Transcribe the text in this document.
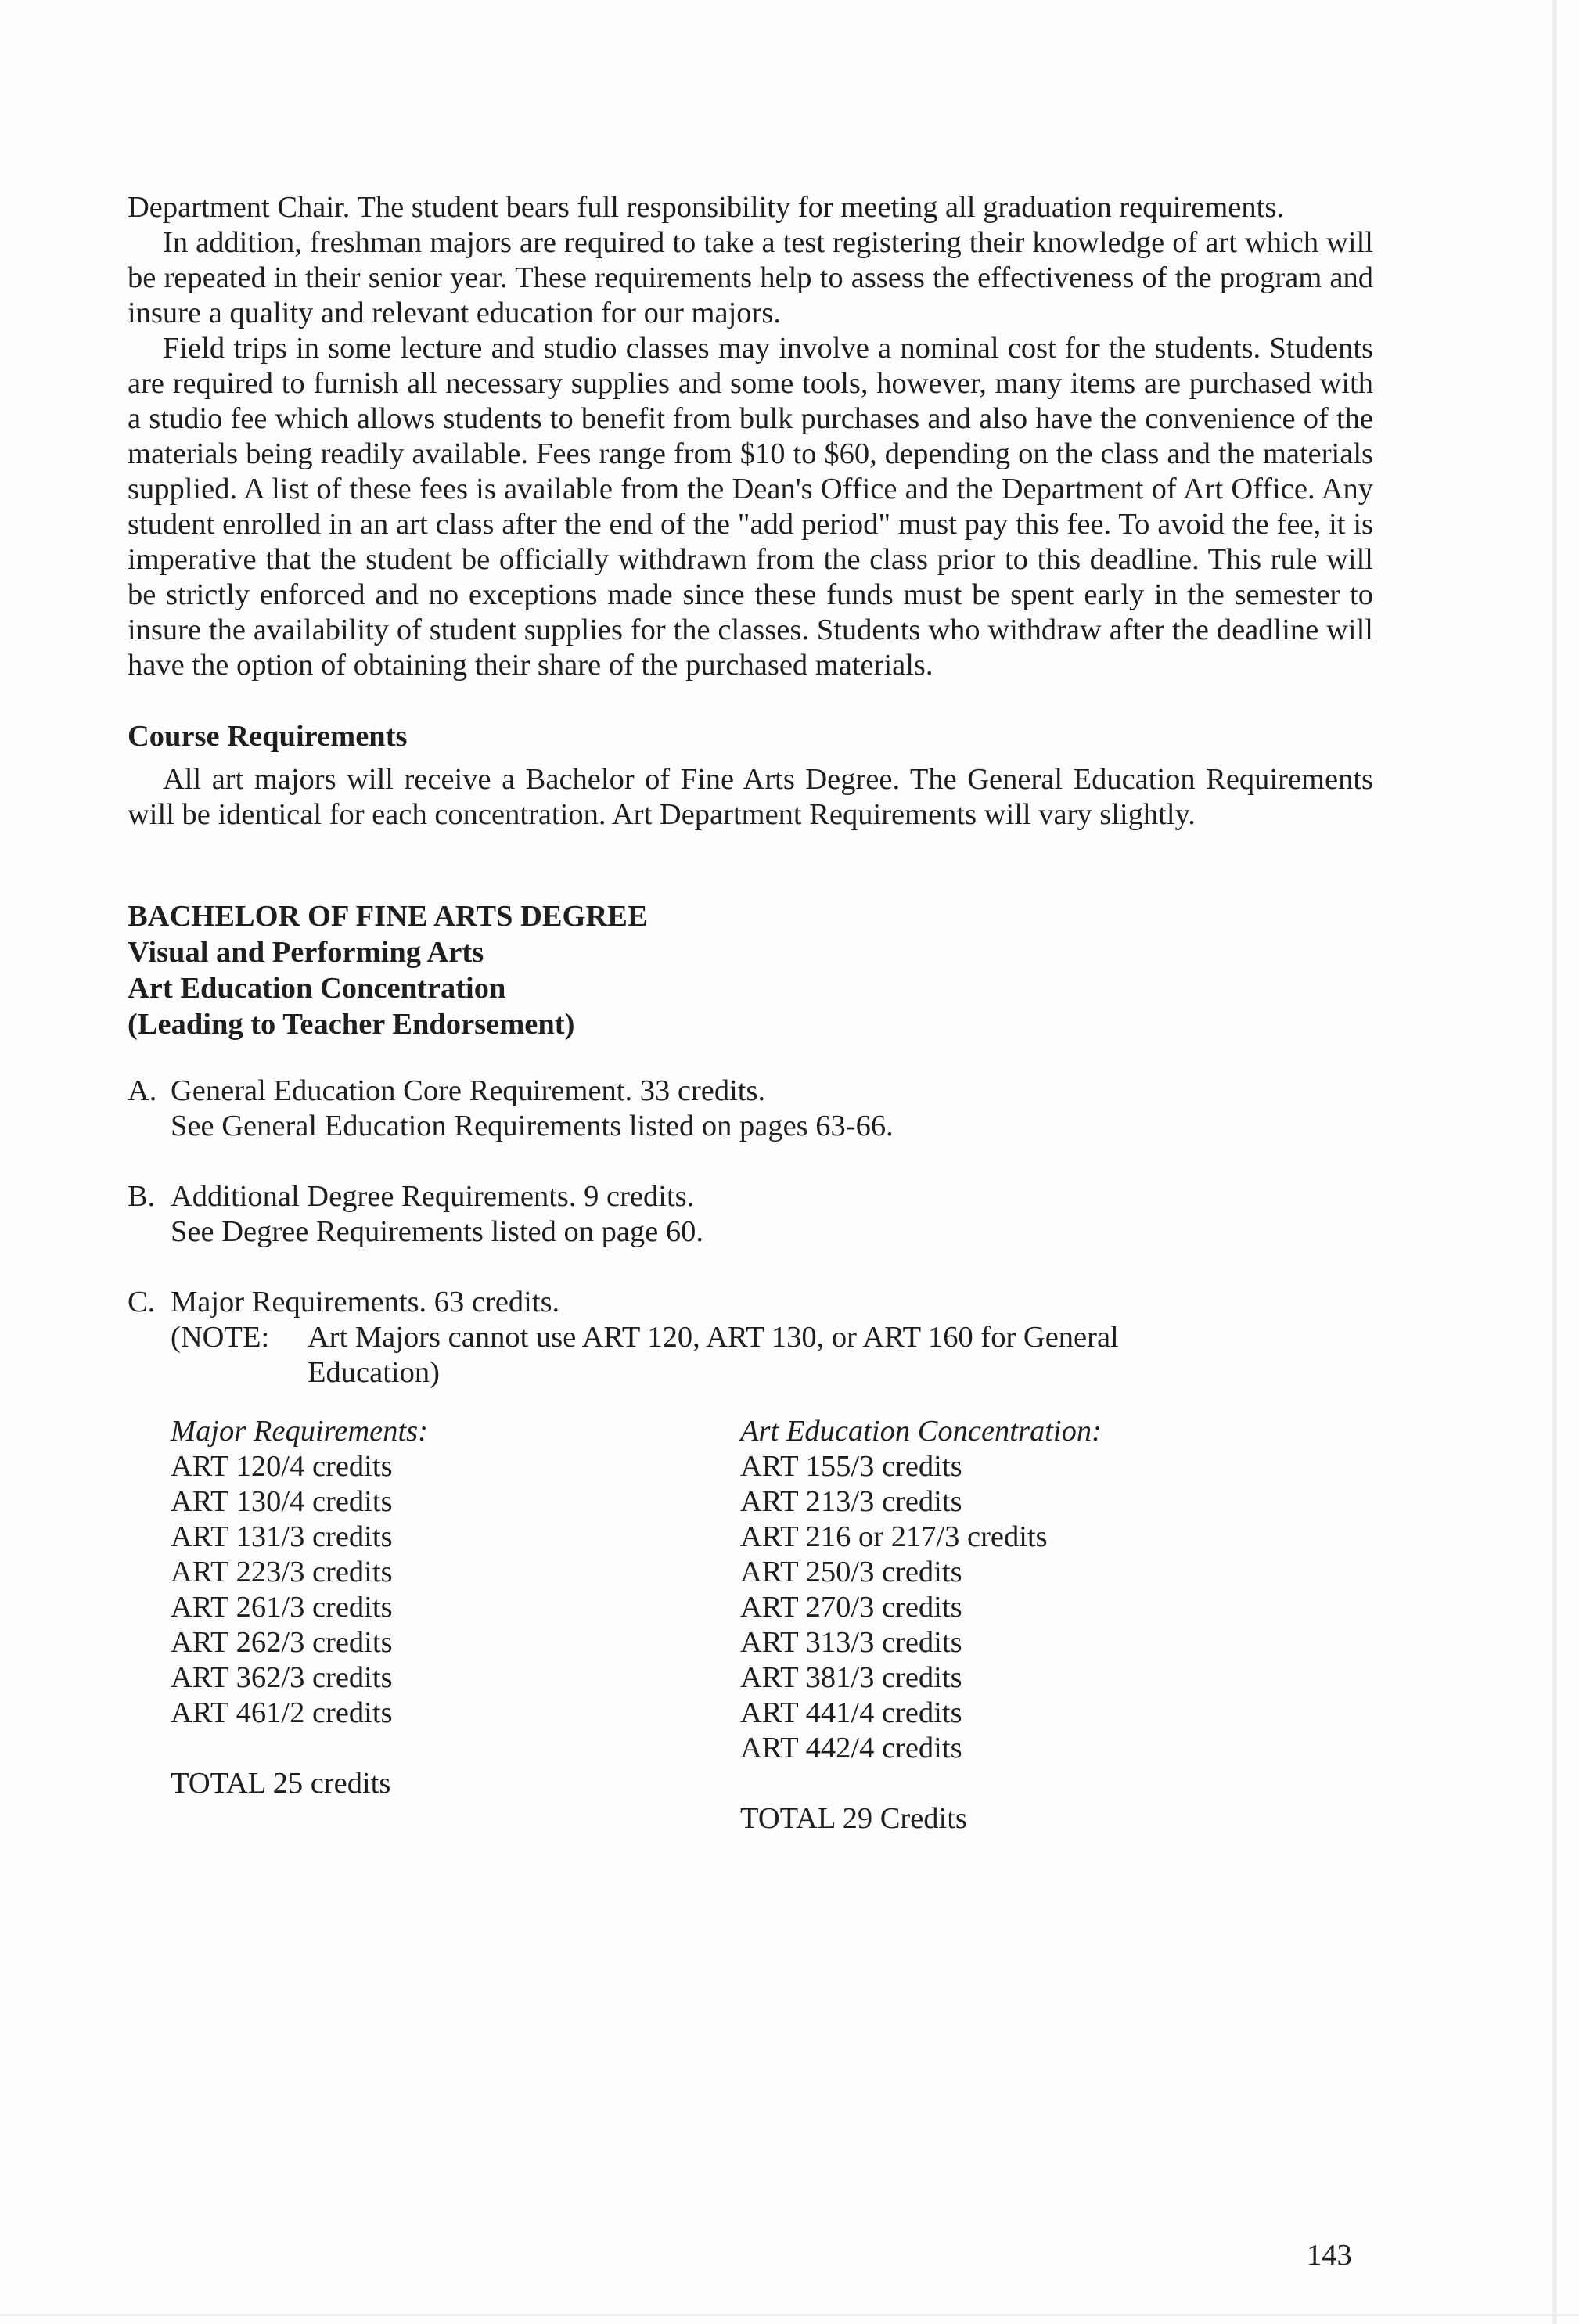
Department Chair. The student bears full responsibility for meeting all graduation requirements.

In addition, freshman majors are required to take a test registering their knowledge of art which will be repeated in their senior year. These requirements help to assess the effectiveness of the program and insure a quality and relevant education for our majors.

Field trips in some lecture and studio classes may involve a nominal cost for the students. Students are required to furnish all necessary supplies and some tools, however, many items are purchased with a studio fee which allows students to benefit from bulk purchases and also have the convenience of the materials being readily available. Fees range from $10 to $60, depending on the class and the materials supplied. A list of these fees is available from the Dean's Office and the Department of Art Office. Any student enrolled in an art class after the end of the "add period" must pay this fee. To avoid the fee, it is imperative that the student be officially withdrawn from the class prior to this deadline. This rule will be strictly enforced and no exceptions made since these funds must be spent early in the semester to insure the availability of student supplies for the classes. Students who withdraw after the deadline will have the option of obtaining their share of the purchased materials.

Course Requirements

All art majors will receive a Bachelor of Fine Arts Degree. The General Education Requirements will be identical for each concentration. Art Department Requirements will vary slightly.

BACHELOR OF FINE ARTS DEGREE
Visual and Performing Arts
Art Education Concentration
(Leading to Teacher Endorsement)
A. General Education Core Requirement. 33 credits.
See General Education Requirements listed on pages 63-66.
B. Additional Degree Requirements. 9 credits.
See Degree Requirements listed on page 60.
C. Major Requirements. 63 credits.
(NOTE:	Art Majors cannot use ART 120, ART 130, or ART 160 for General
Education)
Major Requirements:
ART 120/4 credits
ART 130/4 credits
ART 131/3 credits
ART 223/3 credits
ART 261/3 credits
ART 262/3 credits
ART 362/3 credits
ART 461/2 credits
TOTAL 25 credits
Art Education Concentration:
ART 155/3 credits
ART 213/3 credits
ART 216 or 217/3 credits
ART 250/3 credits
ART 270/3 credits
ART 313/3 credits
ART 381/3 credits
ART 441/4 credits
ART 442/4 credits
TOTAL 29 Credits
143
